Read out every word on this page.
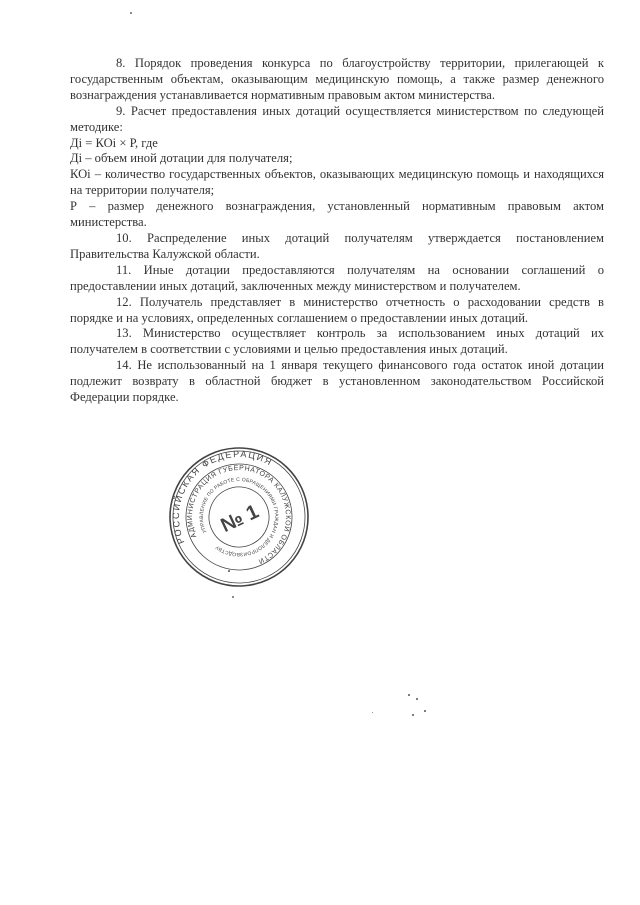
8. Порядок проведения конкурса по благоустройству территории, прилегающей к государственным объектам, оказывающим медицинскую помощь, а также размер денежного вознаграждения устанавливается нормативным правовым актом министерства.

9. Расчет предоставления иных дотаций осуществляется министерством по следующей методике:

Дi = КОi × Р, где

Дi – объем иной дотации для получателя;

КОi – количество государственных объектов, оказывающих медицинскую помощь и находящихся на территории получателя;

Р – размер денежного вознаграждения, установленный нормативным правовым актом министерства.

10. Распределение иных дотаций получателям утверждается постановлением Правительства Калужской области.

11. Иные дотации предоставляются получателям на основании соглашений о предоставлении иных дотаций, заключенных между министерством и получателем.

12. Получатель представляет в министерство отчетность о расходовании средств в порядке и на условиях, определенных соглашением о предоставлении иных дотаций.

13. Министерство осуществляет контроль за использованием иных дотаций их получателем в соответствии с условиями и целью предоставления иных дотаций.

14. Не использованный на 1 января текущего финансового года остаток иной дотации подлежит возврату в областной бюджет в установленном законодательством Российской Федерации порядке.

РОССИЙСКАЯ ФЕДЕРАЦИЯ
АДМИНИСТРАЦИЯ ГУБЕРНАТОРА КАЛУЖСКОЙ ОБЛАСТИ
УПРАВЛЕНИЕ ПО РАБОТЕ С ОБРАЩЕНИЯМИ ГРАЖДАН И ДЕЛОПРОИЗВОДСТВУ
№ 1
